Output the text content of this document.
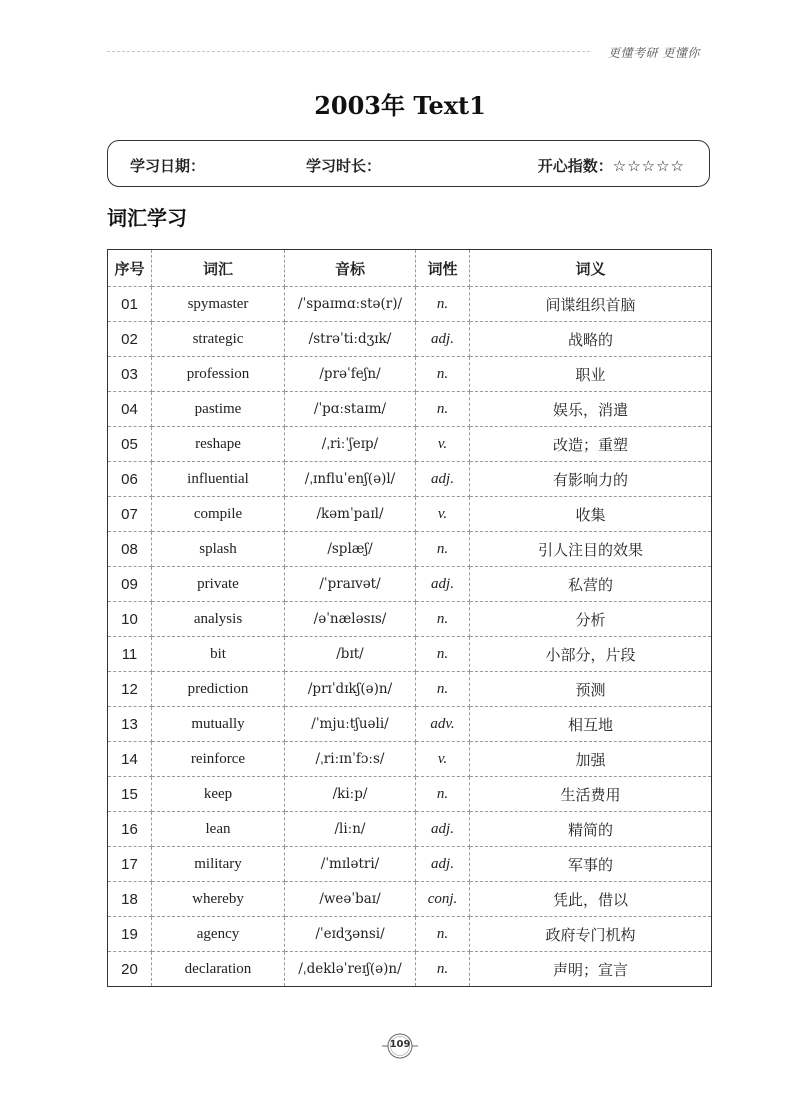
更懂考研 更懂你
2003年 Text1
学习日期：	学习时长：	开心指数：☆☆☆☆☆
词汇学习
序号	词汇	音标	词性	词义
01	spymaster	/ˈspaɪmɑːstə(r)/	n.	间谍组织首脑
02	strategic	/strəˈtiːdʒɪk/	adj.	战略的
03	profession	/prəˈfeʃn/	n.	职业
04	pastime	/ˈpɑːstaɪm/	n.	娱乐，消遣
05	reshape	/ˌriːˈʃeɪp/	v.	改造；重塑
06	influential	/ˌɪnfluˈenʃ(ə)l/	adj.	有影响力的
07	compile	/kəmˈpaɪl/	v.	收集
08	splash	/splæʃ/	n.	引人注目的效果
09	private	/ˈpraɪvət/	adj.	私营的
10	analysis	/əˈnæləsɪs/	n.	分析
11	bit	/bɪt/	n.	小部分，片段
12	prediction	/prɪˈdɪkʃ(ə)n/	n.	预测
13	mutually	/ˈmjuːtʃuəli/	adv.	相互地
14	reinforce	/ˌriːɪnˈfɔːs/	v.	加强
15	keep	/kiːp/	n.	生活费用
16	lean	/liːn/	adj.	精简的
17	military	/ˈmɪlətri/	adj.	军事的
18	whereby	/weəˈbaɪ/	conj.	凭此，借以
19	agency	/ˈeɪdʒənsi/	n.	政府专门机构
20	declaration	/ˌdekləˈreɪʃ(ə)n/	n.	声明；宣言
109
